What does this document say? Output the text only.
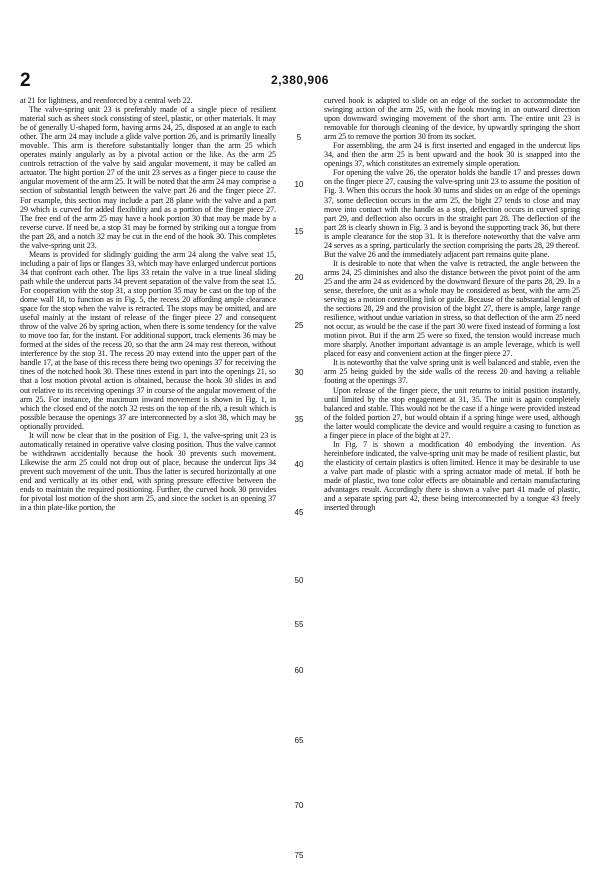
2	2,380,906

at 21 for lightness, and reenforced by a central web 22.

The valve-spring unit 23 is preferably made of a single piece of resilient material such as sheet stock consisting of steel, plastic, or other materials. It may be of generally U-shaped form, having arms 24, 25, disposed at an angle to each other. The arm 24 may include a glide valve portion 26, and is primarily lineally movable. This arm is therefore substantially longer than the arm 25 which operates mainly angularly as by a pivotal action or the like. As the arm 25 controls retraction of the valve by said angular movement, it may be called an actuator. The bight portion 27 of the unit 23 serves as a finger piece to cause the angular movement of the arm 25. It will be noted that the arm 24 may comprise a section of substantial length between the valve part 26 and the finger piece 27. For example, this section may include a part 28 plane with the valve and a part 29 which is curved for added flexibility and as a portion of the finger piece 27. The free end of the arm 25 may have a hook portion 30 that may be made by a reverse curve. If need be, a stop 31 may be formed by striking out a tongue from the part 28, and a notch 32 may be cut in the end of the hook 30. This completes the valve-spring unit 23.

Means is provided for slidingly guiding the arm 24 along the valve seat 15, including a pair of lips or flanges 33, which may have enlarged undercut portions 34 that confront each other. The lips 33 retain the valve in a true lineal sliding path while the undercut parts 34 prevent separation of the valve from the seat 15. For cooperation with the stop 31, a stop portion 35 may be cast on the top of the dome wall 18, to function as in Fig. 5, the recess 20 affording ample clearance space for the stop when the valve is retracted. The stops may be omitted, and are useful mainly at the instant of release of the finger piece 27 and consequent throw of the valve 26 by spring action, when there is some tendency for the valve to move too far, for the instant. For additional support, track elements 36 may be formed at the sides of the recess 20, so that the arm 24 may rest thereon, without interference by the stop 31. The recess 20 may extend into the upper part of the handle 17, at the base of this recess there being two openings 37 for receiving the tines of the notched hook 30. These tines extend in part into the openings 21, so that a lost motion pivotal action is obtained, because the hook 30 slides in and out relative to its receiving openings 37 in course of the angular movement of the arm 25. For instance, the maximum inward movement is shown in Fig. 1, in which the closed end of the notch 32 rests on the top of the rib, a result which is possible because the openings 37 are interconnected by a slot 38, which may be optionally provided.

It will now be clear that in the position of Fig. 1, the valve-spring unit 23 is automatically retained in operative valve closing position. Thus the valve cannot be withdrawn accidentally because the hook 30 prevents such movement. Likewise the arm 25 could not drop out of place, because the undercut lips 34 prevent such movement of the unit. Thus the latter is secured horizontally at one end and vertically at its other end, with spring pressure effective between the ends to maintain the required positioning. Further, the curved hook 30 provides for pivotal lost motion of the short arm 25, and since the socket is an opening 37 in a thin plate-like portion, the

5
10
15
20
25
30
35
40
45
50
55
60
65
70
75

curved hook is adapted to slide on an edge of the socket to accommodate the swinging action of the arm 25, with the hook moving in an outward direction upon downward swinging movement of the short arm. The entire unit 23 is removable for thorough cleaning of the device, by upwardly springing the short arm 25 to remove the portion 30 from its socket.

For assembling, the arm 24 is first inserted and engaged in the undercut lips 34, and then the arm 25 is bent upward and the hook 30 is snapped into the openings 37, which constitutes an extremely simple operation.

For opening the valve 26, the operator holds the handle 17 and presses down on the finger piece 27, causing the valve-spring unit 23 to assume the position of Fig. 3. When this occurs the hook 30 turns and slides on an edge of the openings 37, some deflection occurs in the arm 25, the bight 27 tends to close and may move into contact with the handle as a stop, deflection occurs in curved spring part 29, and deflection also occurs in the straight part 28. The deflection of the part 28 is clearly shown in Fig. 3 and is beyond the supporting track 36, but there is ample clearance for the stop 31. It is therefore noteworthy that the valve arm 24 serves as a spring, particularly the section comprising the parts 28, 29 thereof. But the valve 26 and the immediately adjacent part remains quite plane.

It is desirable to note that when the valve is retracted, the angle between the arms 24, 25 diminishes and also the distance between the pivot point of the arm 25 and the arm 24 as evidenced by the downward flexure of the parts 28, 29. In a sense, therefore, the unit as a whole may be considered as bent, with the arm 25 serving as a motion controlling link or guide. Because of the substantial length of the sections 28, 29 and the provision of the bight 27, there is ample, large range resilience, without undue variation in stress, so that deflection of the arm 25 need not occur, as would be the case if the part 30 were fixed instead of forming a lost motion pivot. But if the arm 25 were so fixed, the tension would increase much more sharply. Another important advantage is an ample leverage, which is well placed for easy and convenient action at the finger piece 27.

It is noteworthy that the valve spring unit is well balanced and stable, even the arm 25 being guided by the side walls of the recess 20 and having a reliable footing at the openings 37.

Upon release of the finger piece, the unit returns to initial position instantly, until limited by the stop engagement at 31, 35. The unit is again completely balanced and stable. This would not be the case if a hinge were provided instead of the folded portion 27, but would obtain if a spring hinge were used, although the latter would complicate the device and would require a casing to function as a finger piece in place of the bight at 27.

In Fig. 7 is shown a modification 40 embodying the invention. As hereinbefore indicated, the valve-spring unit may be made of resilient plastic, but the elasticity of certain plastics is often limited. Hence it may be desirable to use a valve part made of plastic with a spring actuator made of metal. If both be made of plastic, two tone color effects are obtainable and certain manufacturing advantages result. Accordingly there is shown a valve part 41 made of plastic, and a separate spring part 42, these being interconnected by a tongue 43 freely inserted through
